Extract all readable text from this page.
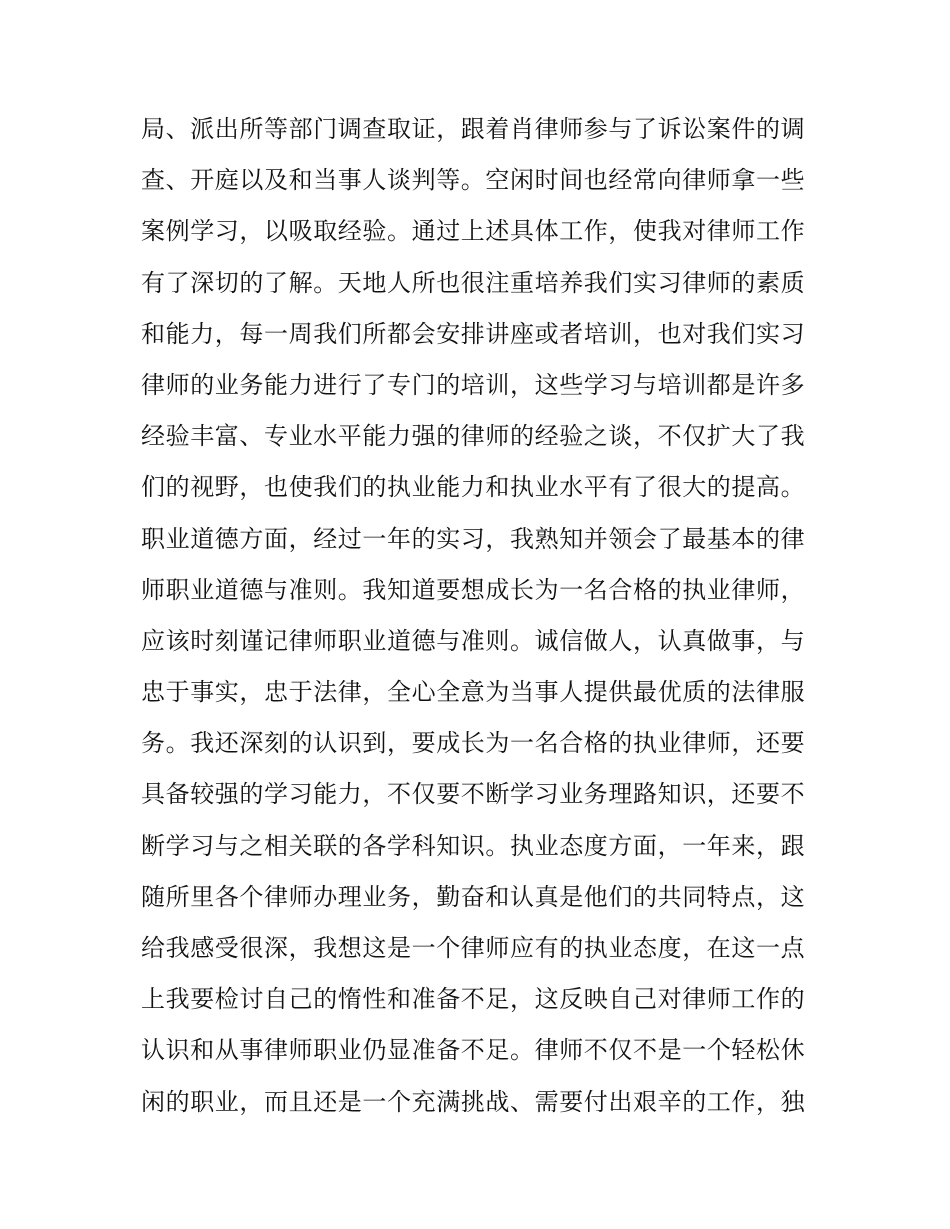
局、派出所等部门调查取证，跟着肖律师参与了诉讼案件的调
查、开庭以及和当事人谈判等。空闲时间也经常向律师拿一些
案例学习，以吸取经验。通过上述具体工作，使我对律师工作
有了深切的了解。天地人所也很注重培养我们实习律师的素质
和能力，每一周我们所都会安排讲座或者培训，也对我们实习
律师的业务能力进行了专门的培训，这些学习与培训都是许多
经验丰富、专业水平能力强的律师的经验之谈，不仅扩大了我
们的视野，也使我们的执业能力和执业水平有了很大的提高。
职业道德方面，经过一年的实习，我熟知并领会了最基本的律
师职业道德与准则。我知道要想成长为一名合格的执业律师，
应该时刻谨记律师职业道德与准则。诚信做人，认真做事，与
忠于事实，忠于法律，全心全意为当事人提供最优质的法律服
务。我还深刻的认识到，要成长为一名合格的执业律师，还要
具备较强的学习能力，不仅要不断学习业务理路知识，还要不
断学习与之相关联的各学科知识。执业态度方面，一年来，跟
随所里各个律师办理业务，勤奋和认真是他们的共同特点，这
给我感受很深，我想这是一个律师应有的执业态度，在这一点
上我要检讨自己的惰性和准备不足，这反映自己对律师工作的
认识和从事律师职业仍显准备不足。律师不仅不是一个轻松休
闲的职业，而且还是一个充满挑战、需要付出艰辛的工作，独
